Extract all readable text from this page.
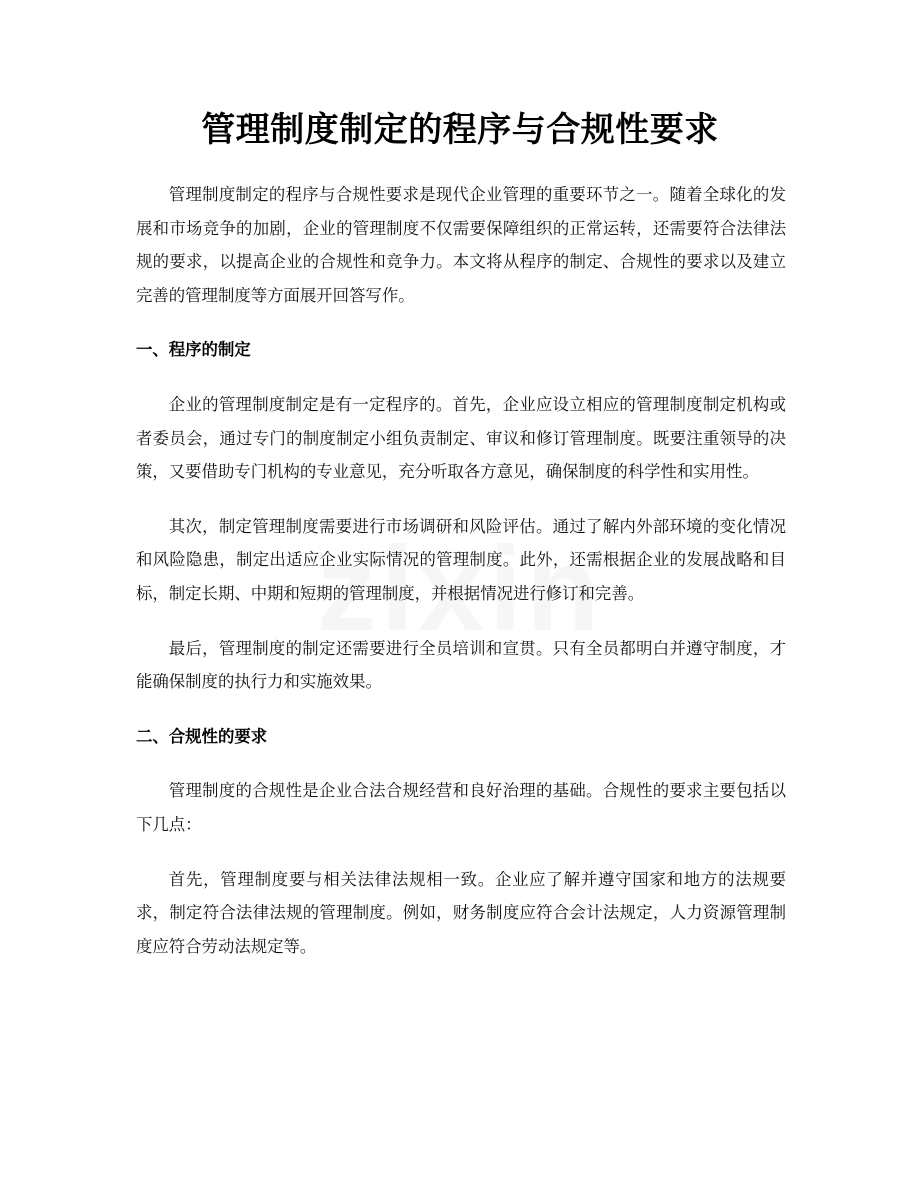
管理制度制定的程序与合规性要求

管理制度制定的程序与合规性要求是现代企业管理的重要环节之一。随着全球化的发展和市场竞争的加剧，企业的管理制度不仅需要保障组织的正常运转，还需要符合法律法规的要求，以提高企业的合规性和竞争力。本文将从程序的制定、合规性的要求以及建立完善的管理制度等方面展开回答写作。

一、程序的制定

企业的管理制度制定是有一定程序的。首先，企业应设立相应的管理制度制定机构或者委员会，通过专门的制度制定小组负责制定、审议和修订管理制度。既要注重领导的决策，又要借助专门机构的专业意见，充分听取各方意见，确保制度的科学性和实用性。

其次，制定管理制度需要进行市场调研和风险评估。通过了解内外部环境的变化情况和风险隐患，制定出适应企业实际情况的管理制度。此外，还需根据企业的发展战略和目标，制定长期、中期和短期的管理制度，并根据情况进行修订和完善。

最后，管理制度的制定还需要进行全员培训和宣贯。只有全员都明白并遵守制度，才能确保制度的执行力和实施效果。

二、合规性的要求

管理制度的合规性是企业合法合规经营和良好治理的基础。合规性的要求主要包括以下几点：

首先，管理制度要与相关法律法规相一致。企业应了解并遵守国家和地方的法规要求，制定符合法律法规的管理制度。例如，财务制度应符合会计法规定，人力资源管理制度应符合劳动法规定等。
